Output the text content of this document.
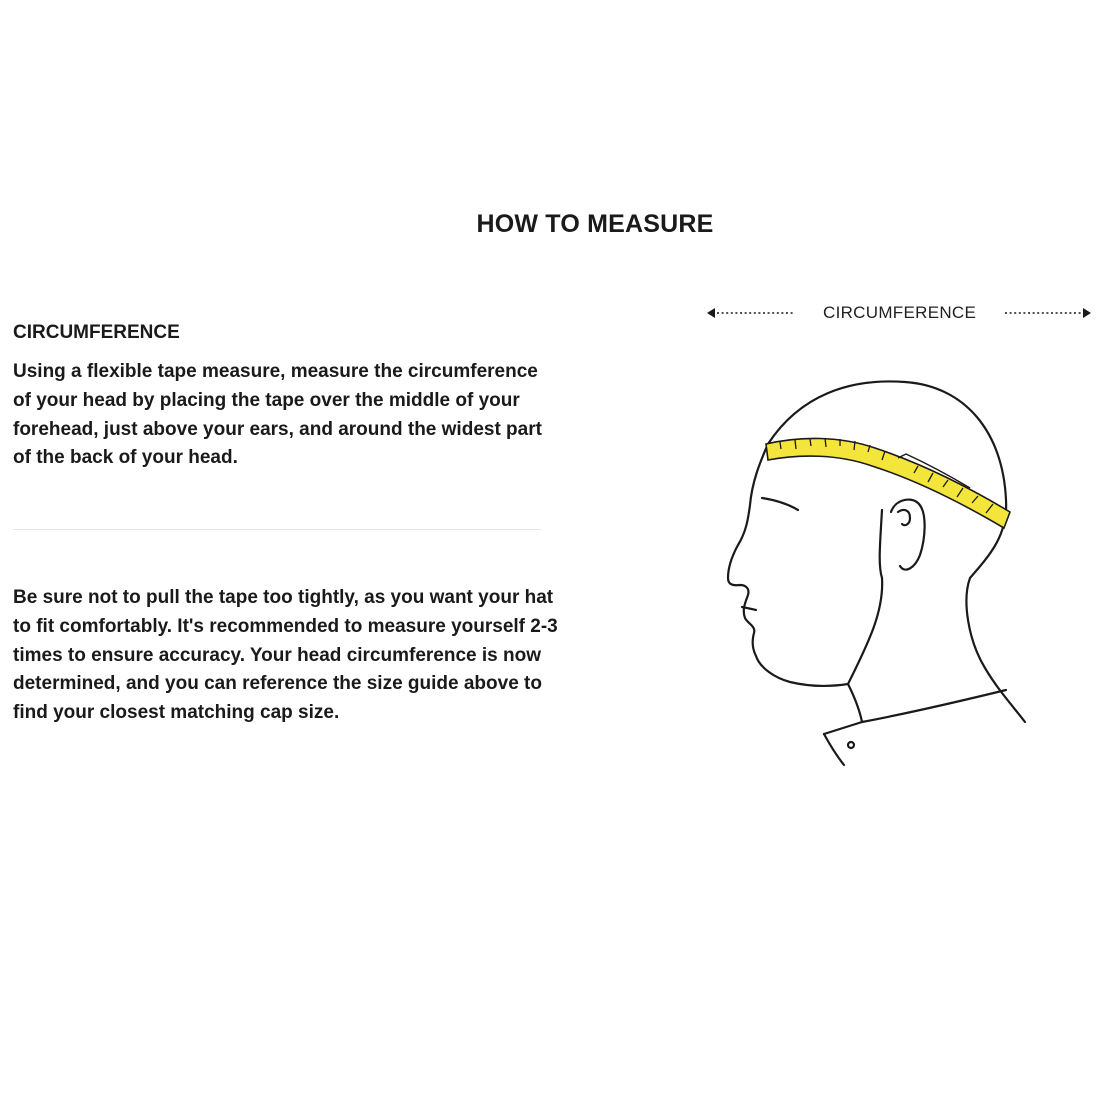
HOW TO MEASURE
CIRCUMFERENCE

Using a flexible tape measure, measure the circumference of your head by placing the tape over the middle of your forehead, just above your ears, and around the widest part of the back of your head.

Be sure not to pull the tape too tightly, as you want your hat to fit comfortably. It's recommended to measure yourself 2-3 times to ensure accuracy. Your head circumference is now determined, and you can reference the size guide above to find your closest matching cap size.

CIRCUMFERENCE
